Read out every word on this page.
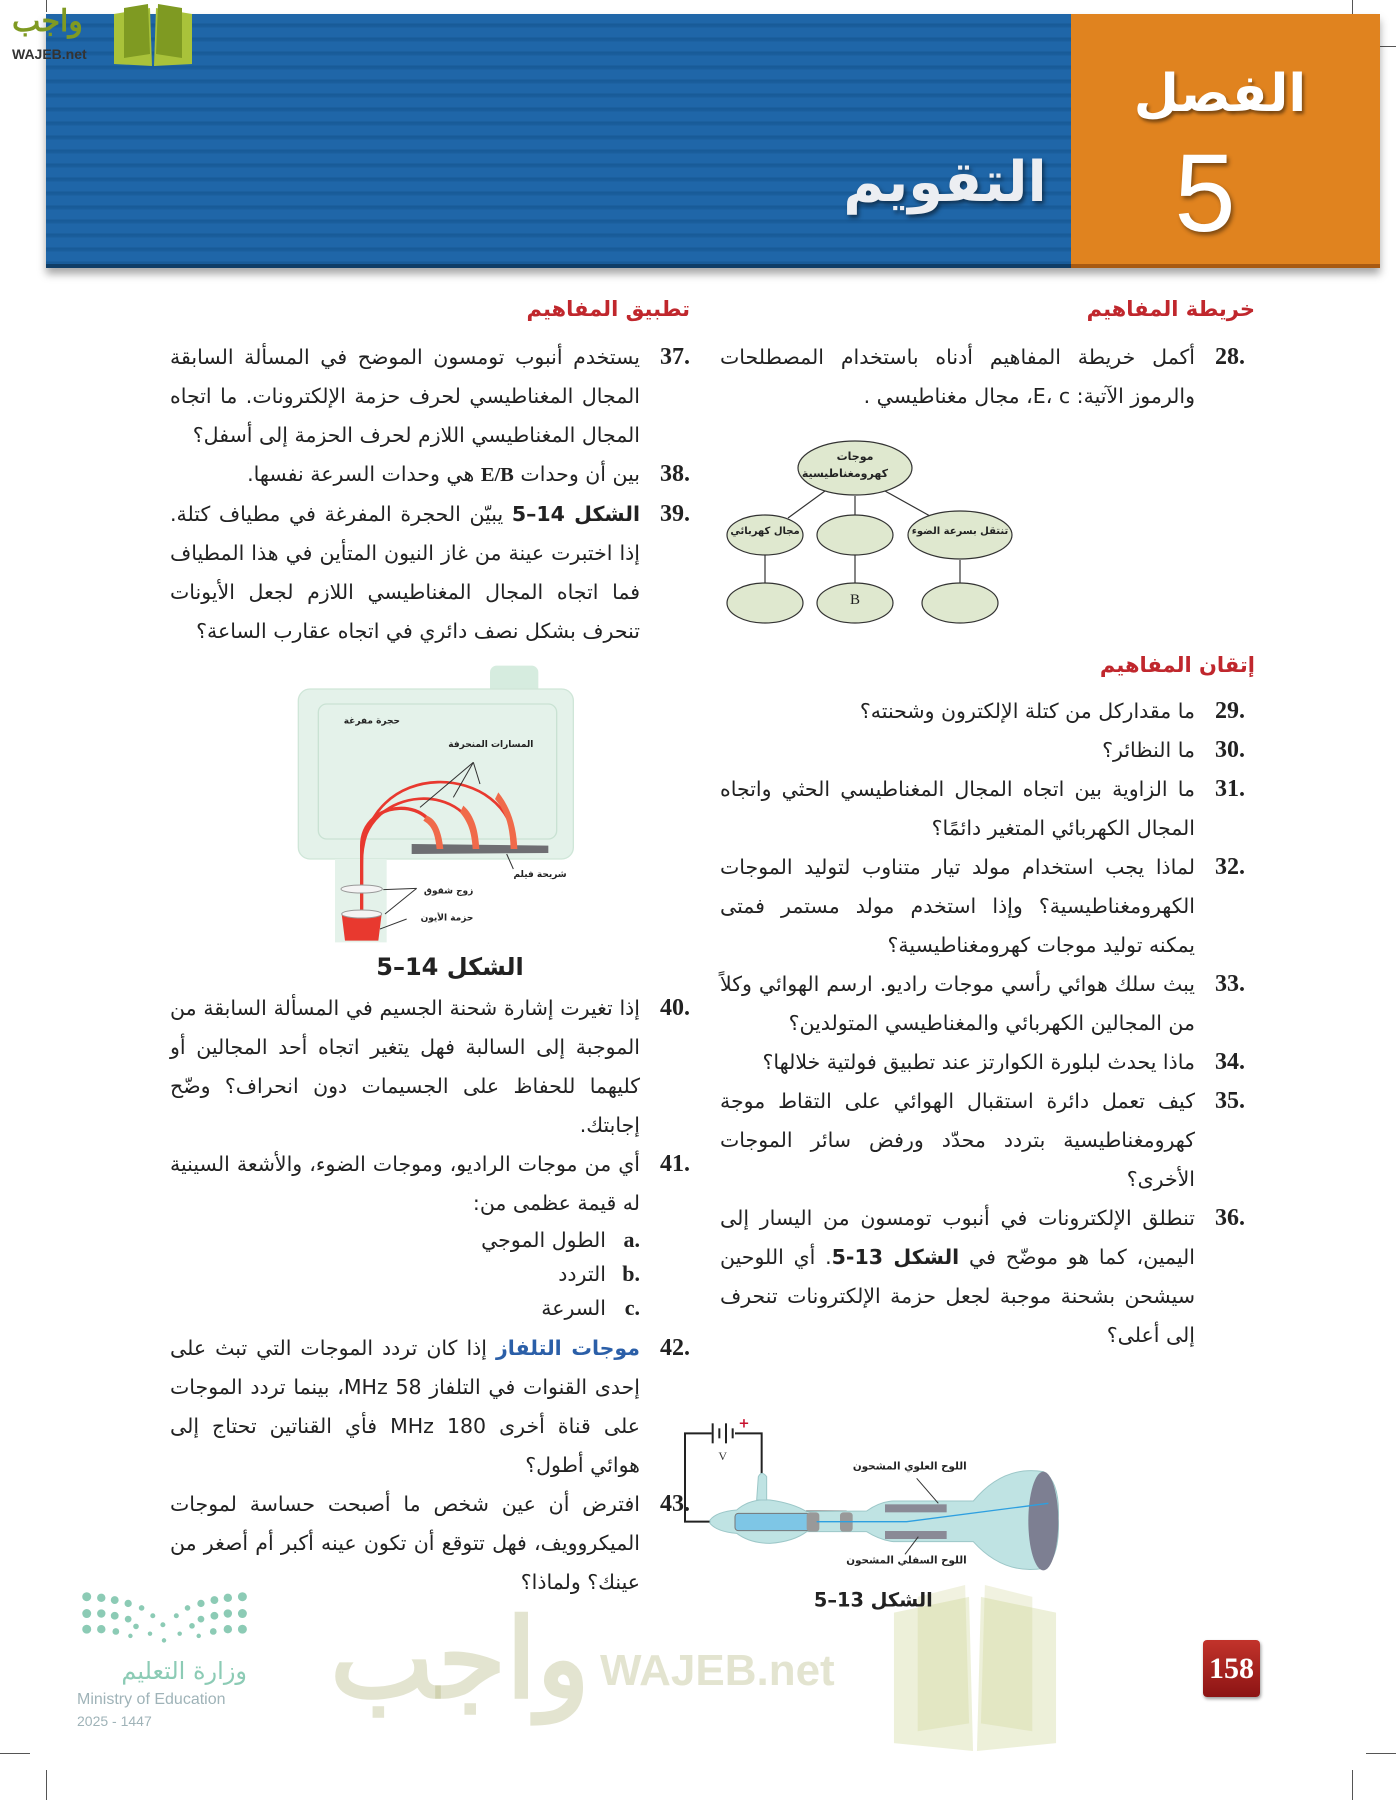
الفصل
5
التقويم
واجب
WAJEB.net
واجب WAJEB.net
خريطة المفاهيم
28.
أكمل خريطة المفاهيم أدناه باستخدام المصطلحات والرموز الآتية: E، c، مجال مغناطيسي .
موجات كهرومغناطيسية
مجال كهربائي	تنتقل بسرعة الضوء
B
إتقان المفاهيم
29.
ما مقداركل من كتلة الإلكترون وشحنته؟
30.
ما النظائر؟
31.
ما الزاوية بين اتجاه المجال المغناطيسي الحثي واتجاه المجال الكهربائي المتغير دائمًا؟
32.
لماذا يجب استخدام مولد تيار متناوب لتوليد الموجات الكهرومغناطيسية؟ وإذا استخدم مولد مستمر فمتى يمكنه توليد موجات كهرومغناطيسية؟
33.
يبث سلك هوائي رأسي موجات راديو. ارسم الهوائي وكلاً من المجالين الكهربائي والمغناطيسي المتولدين؟
34.
ماذا يحدث لبلورة الكوارتز عند تطبيق فولتية خلالها؟
35.
كيف تعمل دائرة استقبال الهوائي على التقاط موجة كهرومغناطيسية بتردد محدّد ورفض سائر الموجات الأخرى؟
36.
تنطلق الإلكترونات في أنبوب تومسون من اليسار إلى اليمين، كما هو موضّح في الشكل 13-5. أي اللوحين سيشحن بشحنة موجبة لجعل حزمة الإلكترونات تنحرف إلى أعلى؟
+
V
اللوح العلوي المشحون
اللوح السفلي المشحون
الشكل 13–5
تطبيق المفاهيم
37.
يستخدم أنبوب تومسون الموضح في المسألة السابقة المجال المغناطيسي لحرف حزمة الإلكترونات. ما اتجاه المجال المغناطيسي اللازم لحرف الحزمة إلى أسفل؟
38.
بين أن وحدات E/B هي وحدات السرعة نفسها.
39.
الشكل 14–5 يبيّن الحجرة المفرغة في مطياف كتلة. إذا اختبرت عينة من غاز النيون المتأين في هذا المطياف فما اتجاه المجال المغناطيسي اللازم لجعل الأيونات تنحرف بشكل نصف دائري في اتجاه عقارب الساعة؟
حجرة مفرغة
المسارات المنحرفة
شريحة فيلم
زوج شقوق
حزمة الأيون
الشكل 14–5
40.
إذا تغيرت إشارة شحنة الجسيم في المسألة السابقة من الموجبة إلى السالبة فهل يتغير اتجاه أحد المجالين أو كليهما للحفاظ على الجسيمات دون انحراف؟ وضّح إجابتك.
41.
أي من موجات الراديو، وموجات الضوء، والأشعة السينية له قيمة عظمى من:
a.
الطول الموجي
b.
التردد
c.
السرعة
42.
موجات التلفاز إذا كان تردد الموجات التي تبث على إحدى القنوات في التلفاز 58 MHz، بينما تردد الموجات على قناة أخرى 180 MHz فأي القناتين تحتاج إلى هوائي أطول؟
43.
افترض أن عين شخص ما أصبحت حساسة لموجات الميكروويف، فهل تتوقع أن تكون عينه أكبر أم أصغر من عينك؟ ولماذا؟
وزارة التعليم
Ministry of Education
2025 - 1447
158
